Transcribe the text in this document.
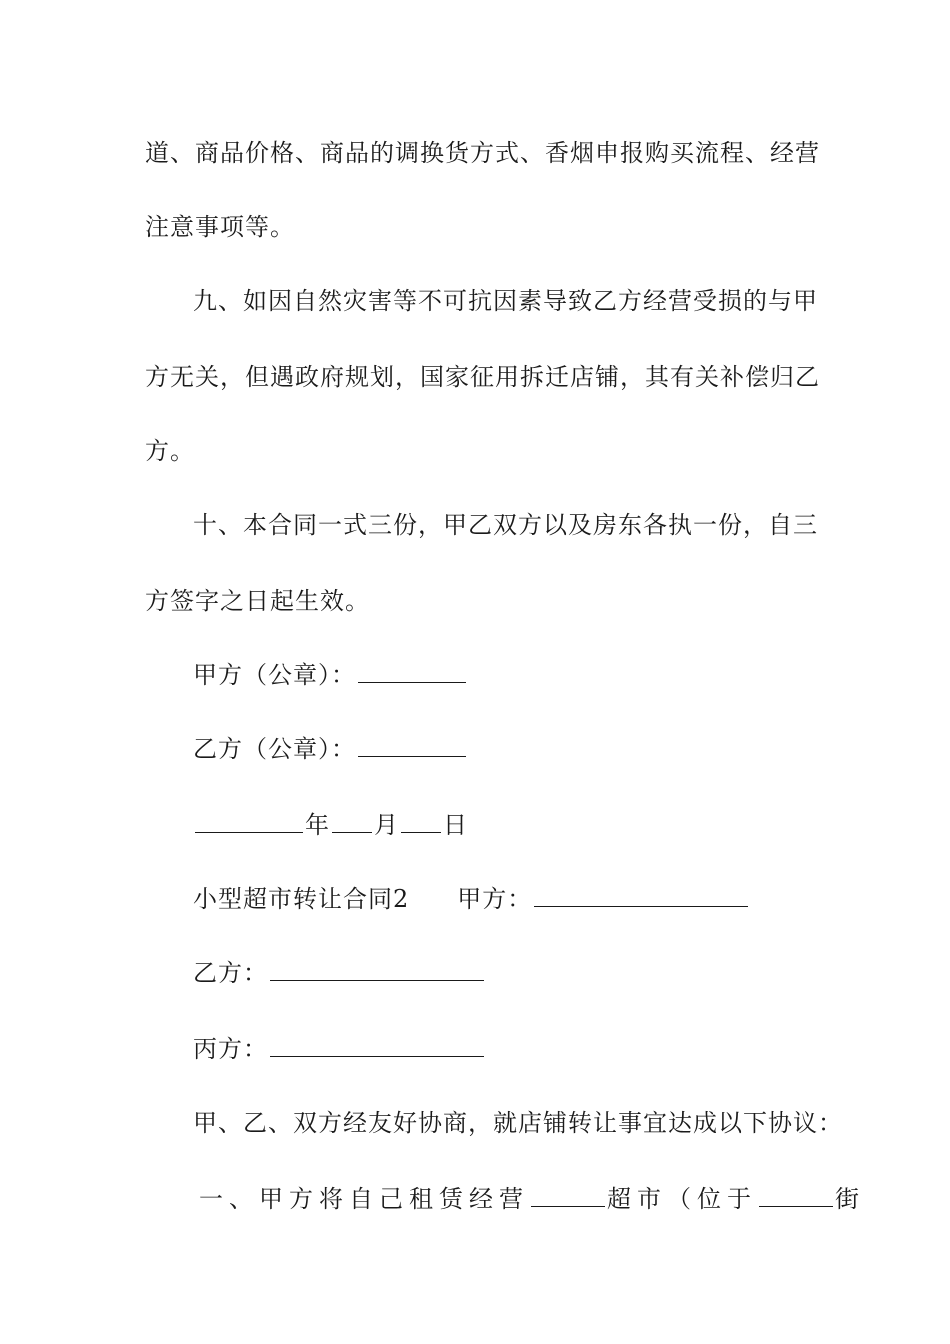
道、商品价格、商品的调换货方式、香烟申报购买流程、经营
注意事项等。
九、如因自然灾害等不可抗因素导致乙方经营受损的与甲
方无关，但遇政府规划，国家征用拆迁店铺，其有关补偿归乙
方。
十、本合同一式三份，甲乙双方以及房东各执一份，自三
方签字之日起生效。
甲方（公章）：
乙方（公章）：
年 月 日
小型超市转让合同2 甲方：
乙方：
丙方：
甲、乙、双方经友好协商，就店铺转让事宜达成以下协议：
一、甲方将自己租赁经营	超市（位于	街
